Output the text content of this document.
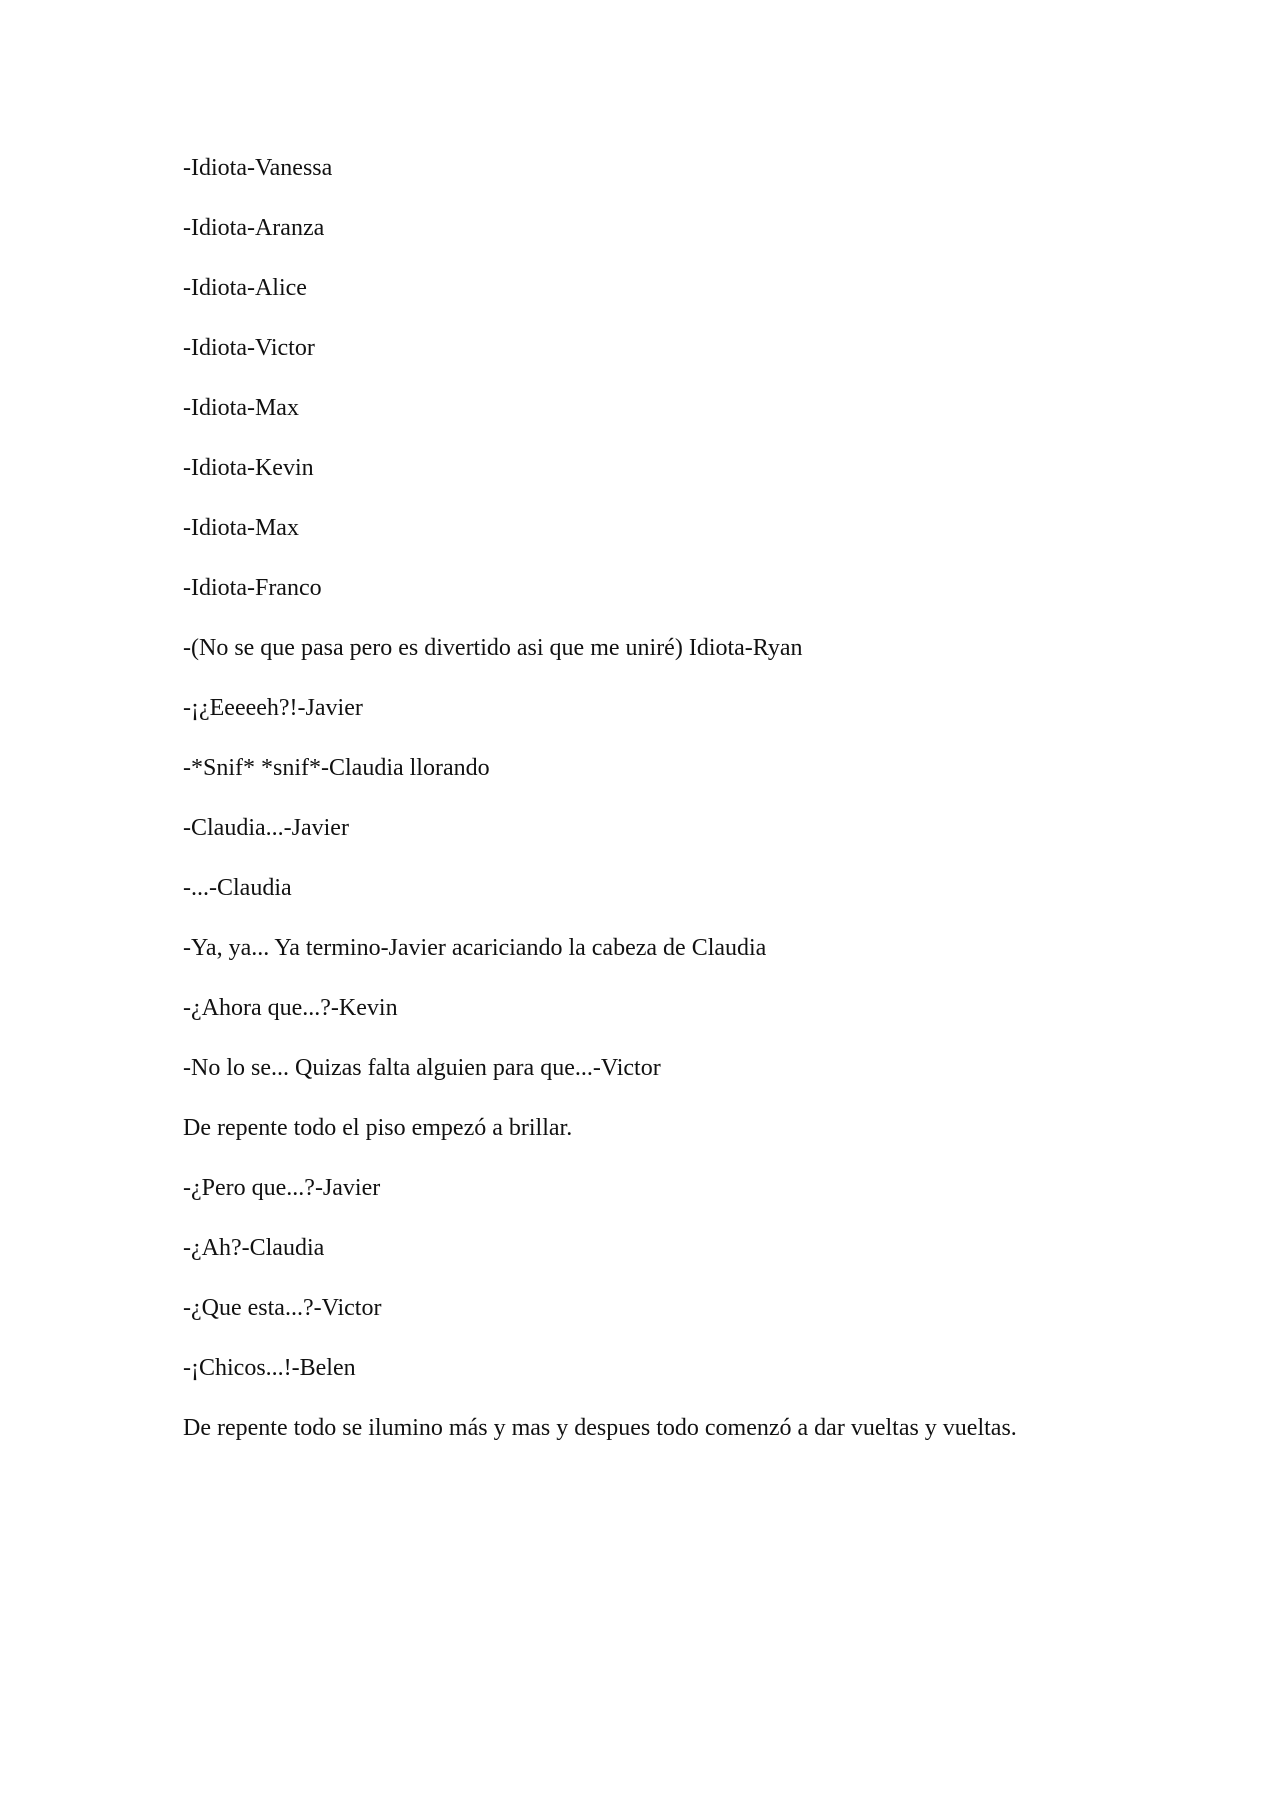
-Idiota-Vanessa
-Idiota-Aranza
-Idiota-Alice
-Idiota-Victor
-Idiota-Max
-Idiota-Kevin
-Idiota-Max
-Idiota-Franco
-(No se que pasa pero es divertido asi que me uniré) Idiota-Ryan
-¡¿Eeeeeh?!-Javier
-*Snif* *snif*-Claudia llorando
-Claudia...-Javier
-...-Claudia
-Ya, ya... Ya termino-Javier acariciando la cabeza de Claudia
-¿Ahora que...?-Kevin
-No lo se... Quizas falta alguien para que...-Victor
De repente todo el piso empezó a brillar.
-¿Pero que...?-Javier
-¿Ah?-Claudia
-¿Que esta...?-Victor
-¡Chicos...!-Belen
De repente todo se ilumino más y mas y despues todo comenzó a dar vueltas y vueltas.
